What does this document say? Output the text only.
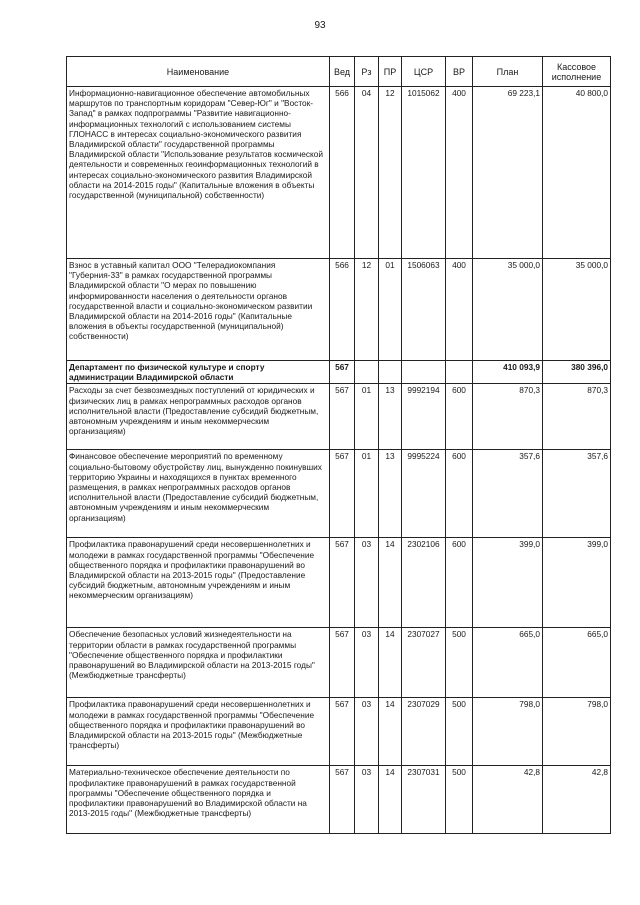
93
Наименование	Вед	Рз	ПР	ЦСР	ВР	План	Кассовое исполнение
Информационно-навигационное обеспечение автомобильных маршрутов по транспортным коридорам "Север-Юг" и "Восток-Запад" в рамках подпрограммы "Развитие навигационно-информационных технологий с использованием системы ГЛОНАСС в интересах социально-экономического развития Владимирской области" государственной программы Владимирской области "Использование результатов космической деятельности и современных геоинформационных технологий в интересах социально-экономического развития Владимирской области на 2014-2015 годы" (Капитальные вложения в объекты государственной (муниципальной) собственности)	566	04	12	1015062	400	69 223,1	40 800,0
Взнос в уставный капитал ООО "Телерадиокомпания "Губерния-33" в рамках государственной программы Владимирской области "О мерах по повышению информированности населения о деятельности органов государственной власти и социально-экономическом развитии Владимирской области на 2014-2016 годы" (Капитальные вложения в объекты государственной (муниципальной) собственности)	566	12	01	1506063	400	35 000,0	35 000,0
Департамент по физической культуре и спорту администрации Владимирской области	567					410 093,9	380 396,0
Расходы за счет безвозмездных поступлений от юридических и физических лиц в рамках непрограммных расходов органов исполнительной власти (Предоставление субсидий бюджетным, автономным учреждениям и иным некоммерческим организациям)	567	01	13	9992194	600	870,3	870,3
Финансовое обеспечение мероприятий по временному социально-бытовому обустройству лиц, вынужденно покинувших территорию Украины и находящихся в пунктах временного размещения, в рамках непрограммных расходов органов исполнительной власти (Предоставление субсидий бюджетным, автономным учреждениям и иным некоммерческим организациям)	567	01	13	9995224	600	357,6	357,6
Профилактика правонарушений среди несовершеннолетних и молодежи в рамках государственной программы "Обеспечение общественного порядка и профилактики правонарушений во Владимирской области на 2013-2015 годы" (Предоставление субсидий бюджетным, автономным учреждениям и иным некоммерческим организациям)	567	03	14	2302106	600	399,0	399,0
Обеспечение безопасных условий жизнедеятельности на территории области в рамках государственной программы "Обеспечение общественного порядка и профилактики правонарушений во Владимирской области на 2013-2015 годы" (Межбюджетные трансферты)	567	03	14	2307027	500	665,0	665,0
Профилактика правонарушений среди несовершеннолетних и молодежи в рамках государственной программы "Обеспечение общественного порядка и профилактики правонарушений во Владимирской области на 2013-2015 годы" (Межбюджетные трансферты)	567	03	14	2307029	500	798,0	798,0
Материально-техническое обеспечение деятельности по профилактике правонарушений в рамках государственной программы "Обеспечение общественного порядка и профилактики правонарушений во Владимирской области на 2013-2015 годы" (Межбюджетные трансферты)	567	03	14	2307031	500	42,8	42,8
